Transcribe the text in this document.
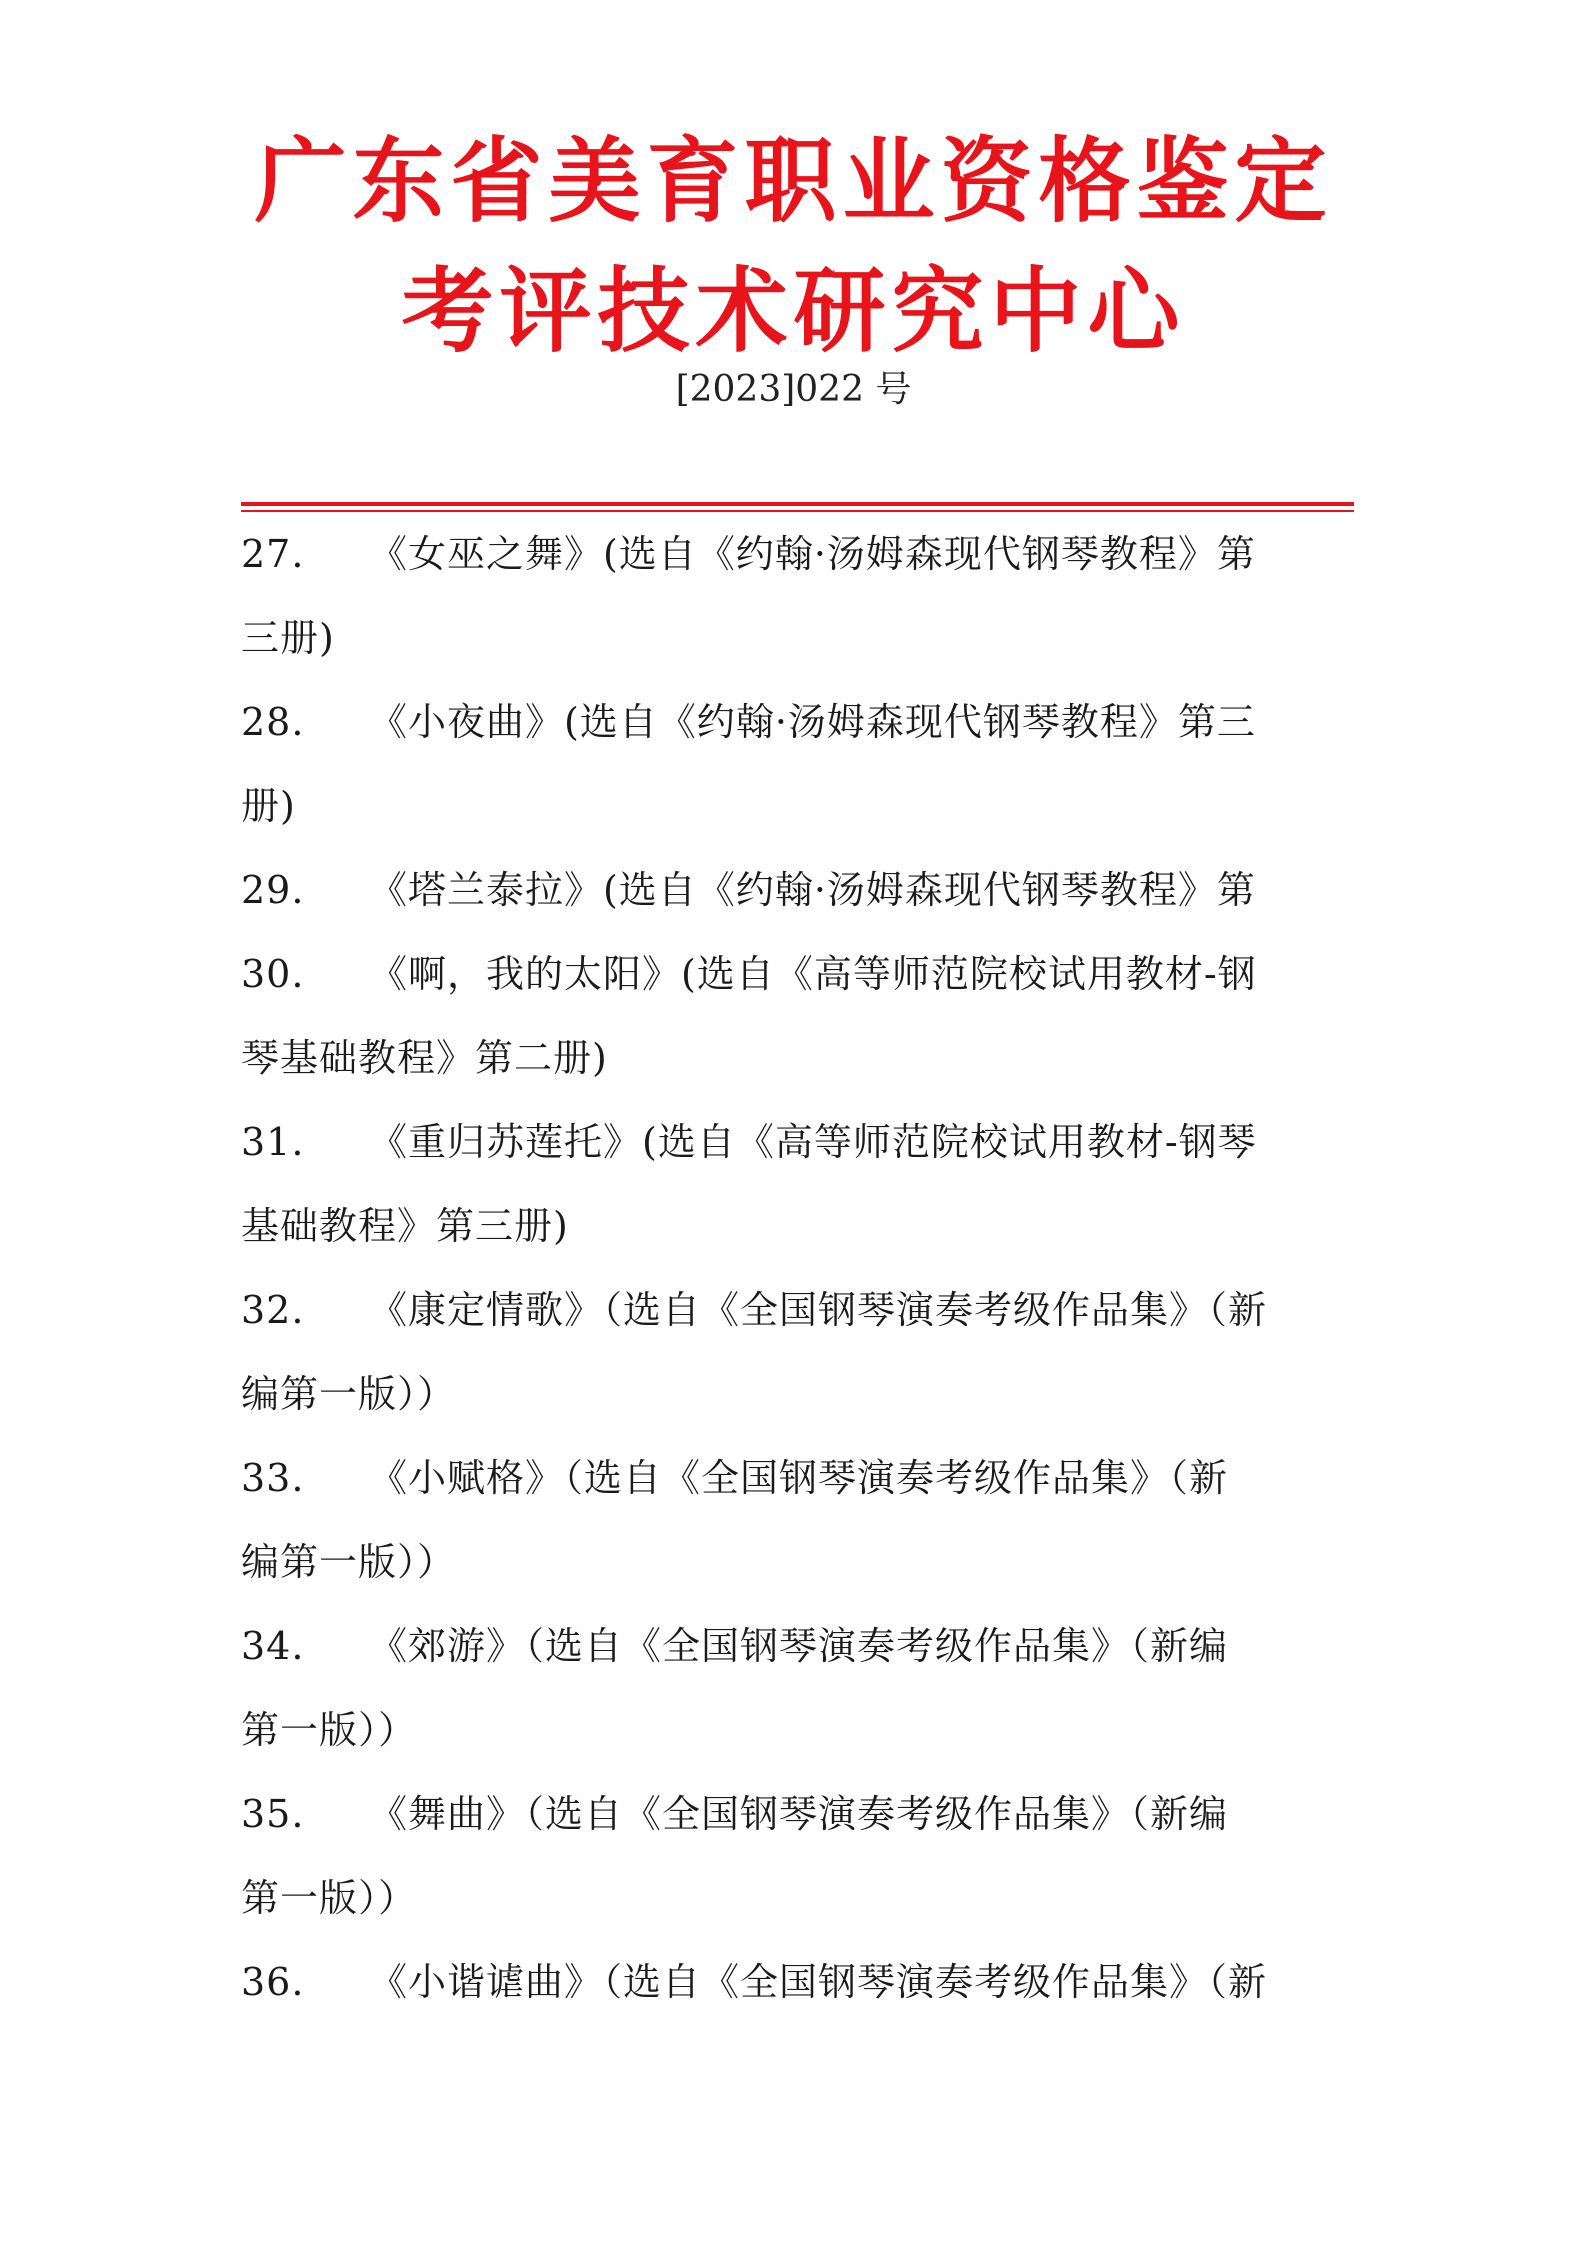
广东省美育职业资格鉴定
考评技术研究中心

[2023]022 号

27.	《女巫之舞》(选自《约翰·汤姆森现代钢琴教程》第
三册)
28.	《小夜曲》(选自《约翰·汤姆森现代钢琴教程》第三
册)
29.	《塔兰泰拉》(选自《约翰·汤姆森现代钢琴教程》第
30.	《啊，我的太阳》(选自《高等师范院校试用教材-钢
琴基础教程》第二册)
31.	《重归苏莲托》(选自《高等师范院校试用教材-钢琴
基础教程》第三册)
32.	《康定情歌》（选自《全国钢琴演奏考级作品集》（新
编第一版））
33.	《小赋格》（选自《全国钢琴演奏考级作品集》（新
编第一版））
34.	《郊游》（选自《全国钢琴演奏考级作品集》（新编
第一版））
35.	《舞曲》（选自《全国钢琴演奏考级作品集》（新编
第一版））
36.	《小谐谑曲》（选自《全国钢琴演奏考级作品集》（新
